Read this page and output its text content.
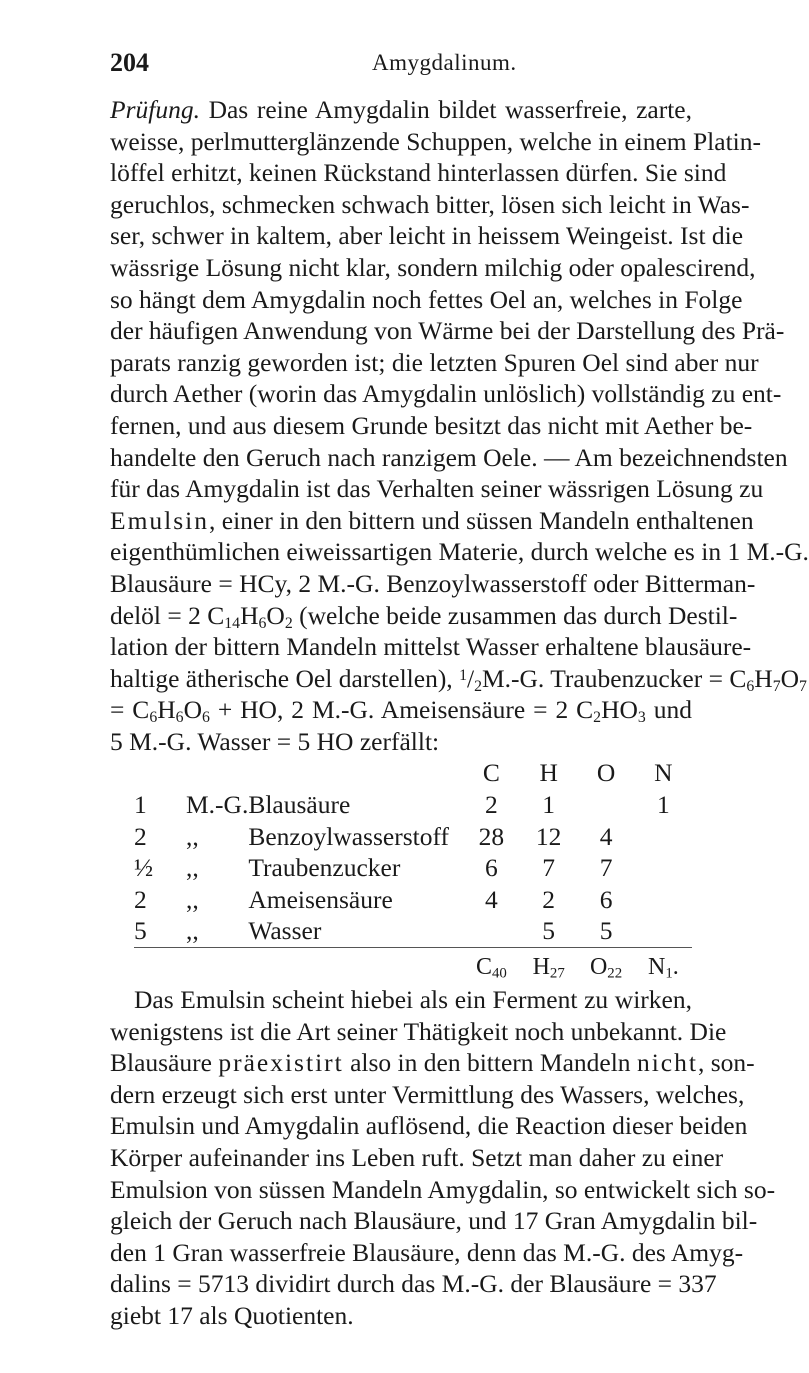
204	Amygdalinum.
Prüfung. Das reine Amygdalin bildet wasserfreie, zarte,
weisse, perlmutterglänzende Schuppen, welche in einem Platin-
löffel erhitzt, keinen Rückstand hinterlassen dürfen. Sie sind
geruchlos, schmecken schwach bitter, lösen sich leicht in Was-
ser, schwer in kaltem, aber leicht in heissem Weingeist. Ist die
wässrige Lösung nicht klar, sondern milchig oder opalescirend,
so hängt dem Amygdalin noch fettes Oel an, welches in Folge
der häufigen Anwendung von Wärme bei der Darstellung des Prä-
parats ranzig geworden ist; die letzten Spuren Oel sind aber nur
durch Aether (worin das Amygdalin unlöslich) vollständig zu ent-
fernen, und aus diesem Grunde besitzt das nicht mit Aether be-
handelte den Geruch nach ranzigem Oele. — Am bezeichnendsten
für das Amygdalin ist das Verhalten seiner wässrigen Lösung zu
Emulsin, einer in den bittern und süssen Mandeln enthaltenen
eigenthümlichen eiweissartigen Materie, durch welche es in 1 M.-G.
Blausäure = HCy, 2 M.-G. Benzoylwasserstoff oder Bitterman-
delöl = 2 $C_{14}H_6O_2$ (welche beide zusammen das durch Destil-
lation der bittern Mandeln mittelst Wasser erhaltene blausäure-
haltige ätherische Oel darstellen), $^1/_2M.-G$. Traubenzucker = $C_6H_7O_7$
= $C_6H_6O_6$ + HO, 2 M.-G. Ameisensäure = 2 $C_2HO_3$ und
5 M.-G. Wasser = 5 HO zerfällt:
			C	H	O	N
1	M.-G.	Blausäure	2	1		1
2	,,	Benzoylwasserstoff	28	12	4	
½	,,	Traubenzucker	6	7	7	
2	,,	Ameisensäure	4	2	6	
5	,,	Wasser		5	5	
			$C_{40}$	$H_{27}$	$O_{22}$	$N_1$.
Das Emulsin scheint hiebei als ein Ferment zu wirken,
wenigstens ist die Art seiner Thätigkeit noch unbekannt. Die
Blausäure präexistirt also in den bittern Mandeln nicht, son-
dern erzeugt sich erst unter Vermittlung des Wassers, welches,
Emulsin und Amygdalin auflösend, die Reaction dieser beiden
Körper aufeinander ins Leben ruft. Setzt man daher zu einer
Emulsion von süssen Mandeln Amygdalin, so entwickelt sich so-
gleich der Geruch nach Blausäure, und 17 Gran Amygdalin bil-
den 1 Gran wasserfreie Blausäure, denn das M.-G. des Amyg-
dalins = 5713 dividirt durch das M.-G. der Blausäure = 337
giebt 17 als Quotienten.
